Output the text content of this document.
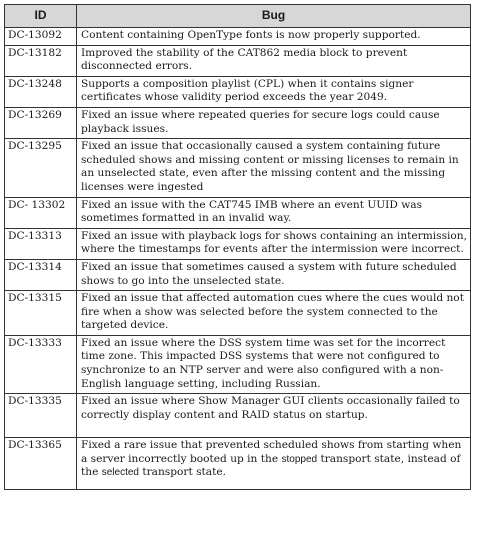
ID	Bug
DC-13092	Content containing OpenType fonts is now properly supported.
DC-13182	Improved the stability of the CAT862 media block to prevent disconnected errors.
DC-13248	Supports a composition playlist (CPL) when it contains signer certificates whose validity period exceeds the year 2049.
DC-13269	Fixed an issue where repeated queries for secure logs could cause playback issues.
DC-13295	Fixed an issue that occasionally caused a system containing future scheduled shows and missing content or missing licenses to remain in an unselected state, even after the missing content and the missing licenses were ingested
DC- 13302	Fixed an issue with the CAT745 IMB where an event UUID was sometimes formatted in an invalid way.
DC-13313	Fixed an issue with playback logs for shows containing an intermission, where the timestamps for events after the intermission were incorrect.
DC-13314	Fixed an issue that sometimes caused a system with future scheduled shows to go into the unselected state.
DC-13315	Fixed an issue that affected automation cues where the cues would not fire when a show was selected before the system connected to the targeted device.
DC-13333	Fixed an issue where the DSS system time was set for the incorrect time zone. This impacted DSS systems that were not configured to synchronize to an NTP server and were also configured with a non-English language setting, including Russian.
DC-13335	Fixed an issue where Show Manager GUI clients occasionally failed to correctly display content and RAID status on startup.
DC-13365	Fixed a rare issue that prevented scheduled shows from starting when a server incorrectly booted up in the stopped transport state, instead of the selected transport state.
